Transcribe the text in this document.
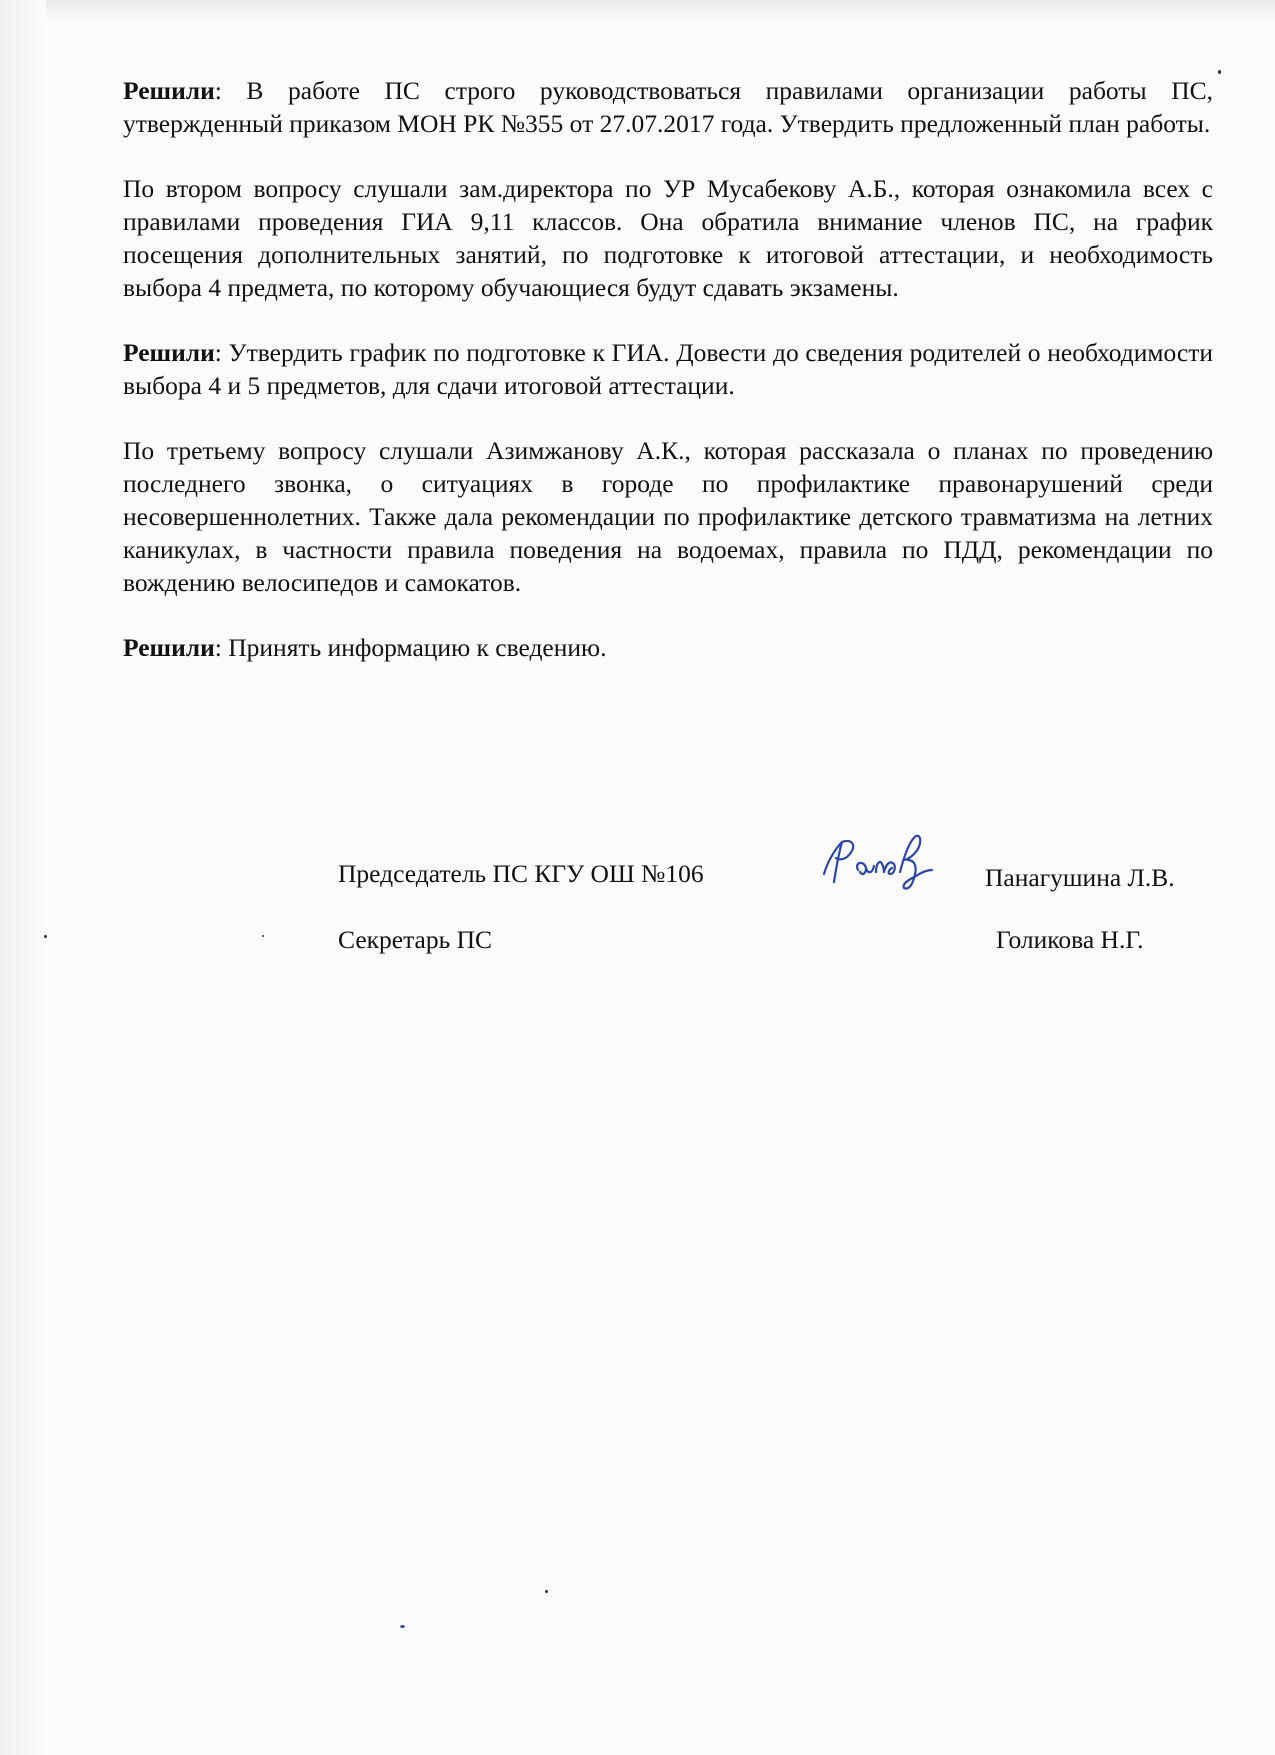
Решили: В работе ПС строго руководствоваться правилами организации работы ПС, утвержденный приказом МОН РК №355 от 27.07.2017 года. Утвердить предложенный план работы.

По втором вопросу слушали зам.директора по УР Мусабекову А.Б., которая ознакомила всех с правилами проведения ГИА 9,11 классов. Она обратила внимание членов ПС, на график посещения дополнительных занятий, по подготовке к итоговой аттестации, и необходимость выбора 4 предмета, по которому обучающиеся будут сдавать экзамены.

Решили: Утвердить график по подготовке к ГИА. Довести до сведения родителей о необходимости выбора 4 и 5 предметов, для сдачи итоговой аттестации.

По третьему вопросу слушали Азимжанову А.К., которая рассказала о планах по проведению последнего звонка, о ситуациях в городе по профилактике правонарушений среди несовершеннолетних. Также дала рекомендации по профилактике детского травматизма на летних каникулах, в частности правила поведения на водоемах, правила по ПДД, рекомендации по вождению велосипедов и самокатов.

Решили: Принять информацию к сведению.

Председатель ПС КГУ ОШ №106	Панагушина Л.В.
Секретарь ПС	Голикова Н.Г.
